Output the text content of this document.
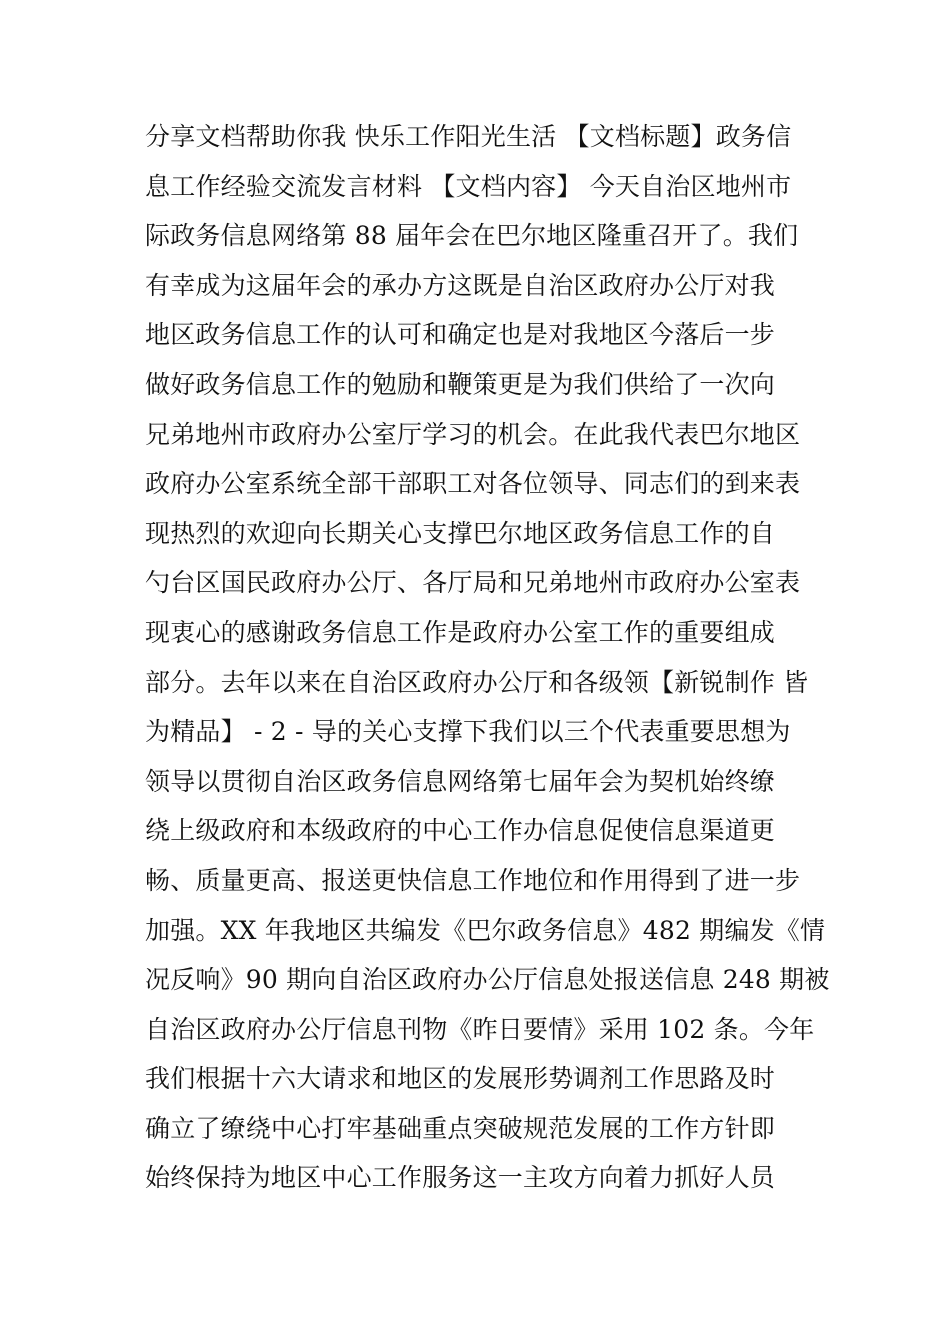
分享文档帮助你我 快乐工作阳光生活 【文档标题】政务信
息工作经验交流发言材料 【文档内容】 今天自治区地州市
际政务信息网络第 88 届年会在巴尔地区隆重召开了。我们
有幸成为这届年会的承办方这既是自治区政府办公厅对我
地区政务信息工作的认可和确定也是对我地区今落后一步
做好政务信息工作的勉励和鞭策更是为我们供给了一次向
兄弟地州市政府办公室厅学习的机会。在此我代表巴尔地区
政府办公室系统全部干部职工对各位领导、同志们的到来表
现热烈的欢迎向长期关心支撑巴尔地区政务信息工作的自
勺台区国民政府办公厅、各厅局和兄弟地州市政府办公室表
现衷心的感谢政务信息工作是政府办公室工作的重要组成
部分。去年以来在自治区政府办公厅和各级领【新锐制作 皆
为精品】 - 2 - 导的关心支撑下我们以三个代表重要思想为
领导以贯彻自治区政务信息网络第七届年会为契机始终缭
绕上级政府和本级政府的中心工作办信息促使信息渠道更
畅、质量更高、报送更快信息工作地位和作用得到了进一步
加强。XX 年我地区共编发《巴尔政务信息》482 期编发《情
况反响》90 期向自治区政府办公厅信息处报送信息 248 期被
自治区政府办公厅信息刊物《昨日要情》采用 102 条。今年
我们根据十六大请求和地区的发展形势调剂工作思路及时
确立了缭绕中心打牢基础重点突破规范发展的工作方针即
始终保持为地区中心工作服务这一主攻方向着力抓好人员
